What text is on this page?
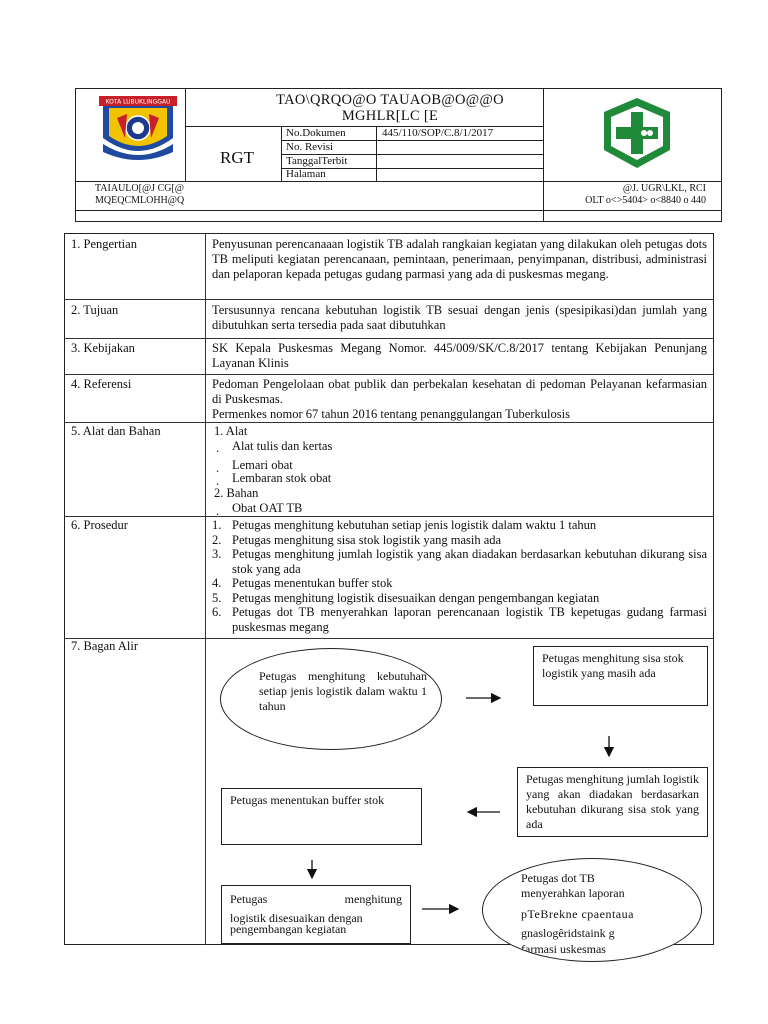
KOTA LUBUKLINGGAU	TAO\QRQO@O TAUAOB@O@@O
MGHLR[LC [E
RGT
No.Dokumen	445/110/SOP/C.8/1/2017
No. Revisi
TanggalTerbit
Halaman
TAIAULO[@J CG[@
MQEQCMLOHH@Q
@J. UGR\LKL, RCI
OLT o<>5404> o<8840 o 440
1. Pengertian	Penyusunan perencanaaan logistik TB adalah rangkaian kegiatan yang dilakukan oleh petugas dots TB meliputi kegiatan perencanaan, pemintaan, penerimaan, penyimpanan, distribusi, administrasi dan pelaporan kepada petugas gudang parmasi yang ada di puskesmas megang.
2. Tujuan	Tersusunnya rencana kebutuhan logistik TB sesuai dengan jenis (spesipikasi)dan jumlah yang dibutuhkan serta tersedia pada saat dibutuhkan
3. Kebijakan	SK Kepala Puskesmas Megang Nomor. 445/009/SK/C.8/2017 tentang Kebijakan Penunjang Layanan Klinis
4. Referensi	Pedoman Pengelolaan obat publik dan perbekalan kesehatan di pedoman Pelayanan kefarmasian di Puskesmas.
Permenkes nomor 67 tahun 2016 tentang penanggulangan Tuberkulosis
5. Alat dan Bahan	1. Alat
. Alat tulis dan kertas
. Lemari obat
. Lembaran stok obat
2. Bahan
. Obat OAT TB
6. Prosedur	1. Petugas menghitung kebutuhan setiap jenis logistik dalam waktu 1 tahun
2. Petugas menghitung sisa stok logistik yang masih ada
3. Petugas menghitung jumlah logistik yang akan diadakan berdasarkan kebutuhan dikurang sisa stok yang ada
4. Petugas menentukan buffer stok
5. Petugas menghitung logistik disesuaikan dengan pengembangan kegiatan
6. Petugas dot TB menyerahkan laporan perencanaan logistik TB kepetugas gudang farmasi puskesmas megang
7. Bagan Alir
Petugas menghitung kebutuhan setiap jenis logistik dalam waktu 1 tahun
Petugas menghitung sisa stok logistik yang masih ada
Petugas menghitung jumlah logistik yang akan diadakan berdasarkan kebutuhan dikurang sisa stok yang ada
Petugas menentukan buffer stok
Petugas menghitung
logistik disesuaikan dengan pengembangan kegiatan
Petugas dot TB
menyerahkan laporan
pTeBrekne cpaentaua
gnaslogêridstaink g
farmasi uskesmas
